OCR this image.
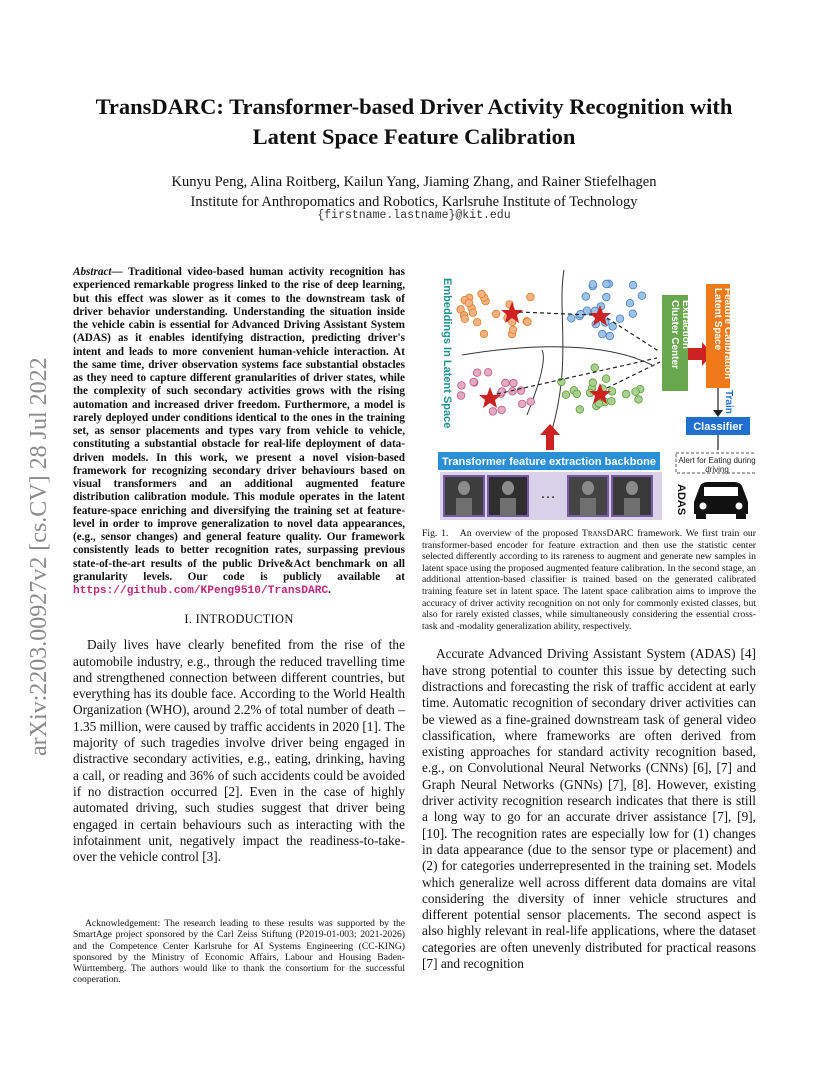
arXiv:2203.00927v2 [cs.CV] 28 Jul 2022
TransDARC: Transformer-based Driver Activity Recognition with
Latent Space Feature Calibration
Kunyu Peng, Alina Roitberg, Kailun Yang, Jiaming Zhang, and Rainer Stiefelhagen
Institute for Anthropomatics and Robotics, Karlsruhe Institute of Technology
{firstname.lastname}@kit.edu
Abstract— Traditional video-based human activity recognition has experienced remarkable progress linked to the rise of deep learning, but this effect was slower as it comes to the downstream task of driver behavior understanding. Understanding the situation inside the vehicle cabin is essential for Advanced Driving Assistant System (ADAS) as it enables identifying distraction, predicting driver's intent and leads to more convenient human-vehicle interaction. At the same time, driver observation systems face substantial obstacles as they need to capture different granularities of driver states, while the complexity of such secondary activities grows with the rising automation and increased driver freedom. Furthermore, a model is rarely deployed under conditions identical to the ones in the training set, as sensor placements and types vary from vehicle to vehicle, constituting a substantial obstacle for real-life deployment of data-driven models. In this work, we present a novel vision-based framework for recognizing secondary driver behaviours based on visual transformers and an additional augmented feature distribution calibration module. This module operates in the latent feature-space enriching and diversifying the training set at feature-level in order to improve generalization to novel data appearances, (e.g., sensor changes) and general feature quality. Our framework consistently leads to better recognition rates, surpassing previous state-of-the-art results of the public Drive&Act benchmark on all granularity levels. Our code is publicly available at https://github.com/KPeng9510/TransDARC.
I. INTRODUCTION
Daily lives have clearly benefited from the rise of the automobile industry, e.g., through the reduced travelling time and strengthened connection between different countries, but everything has its double face. According to the World Health Organization (WHO), around 2.2% of total number of death – 1.35 million, were caused by traffic accidents in 2020 [1]. The majority of such tragedies involve driver being engaged in distractive secondary activities, e.g., eating, drinking, having a call, or reading and 36% of such accidents could be avoided if no distraction occurred [2]. Even in the case of highly automated driving, such studies suggest that driver being engaged in certain behaviours such as interacting with the infotainment unit, negatively impact the readiness-to-take-over the vehicle control [3].
Acknowledgement: The research leading to these results was supported by the SmartAge project sponsored by the Carl Zeiss Stiftung (P2019-01-003; 2021-2026) and the Competence Center Karlsruhe for AI Systems Engineering (CC-KING) sponsored by the Ministry of Economic Affairs, Labour and Housing Baden-Württemberg. The authors would like to thank the consortium for the successful cooperation.
Embeddings In Latent Space	Cluster Center Extraction Latent Space Feature Calibration
Train
Classifier
Transformer feature extraction backbone
…
Alert for Eating during
driving
ADAS
Fig. 1. An overview of the proposed TransDARC framework. We first train our transformer-based encoder for feature extraction and then use the statistic center selected differently according to its rareness to augment and generate new samples in latent space using the proposed augmented feature calibration. In the second stage, an additional attention-based classifier is trained based on the generated calibrated training feature set in latent space. The latent space calibration aims to improve the accuracy of driver activity recognition on not only for commonly existed classes, but also for rarely existed classes, while simultaneously considering the essential cross-task and -modality generalization ability, respectively.
Accurate Advanced Driving Assistant System (ADAS) [4] have strong potential to counter this issue by detecting such distractions and forecasting the risk of traffic accident at early time. Automatic recognition of secondary driver activities can be viewed as a fine-grained downstream task of general video classification, where frameworks are often derived from existing approaches for standard activity recognition based, e.g., on Convolutional Neural Networks (CNNs) [6], [7] and Graph Neural Networks (GNNs) [7], [8]. However, existing driver activity recognition research indicates that there is still a long way to go for an accurate driver assistance [7], [9], [10]. The recognition rates are especially low for (1) changes in data appearance (due to the sensor type or placement) and (2) for categories underrepresented in the training set. Models which generalize well across different data domains are vital considering the diversity of inner vehicle structures and different potential sensor placements. The second aspect is also highly relevant in real-life applications, where the dataset categories are often unevenly distributed for practical reasons [7] and recognition
